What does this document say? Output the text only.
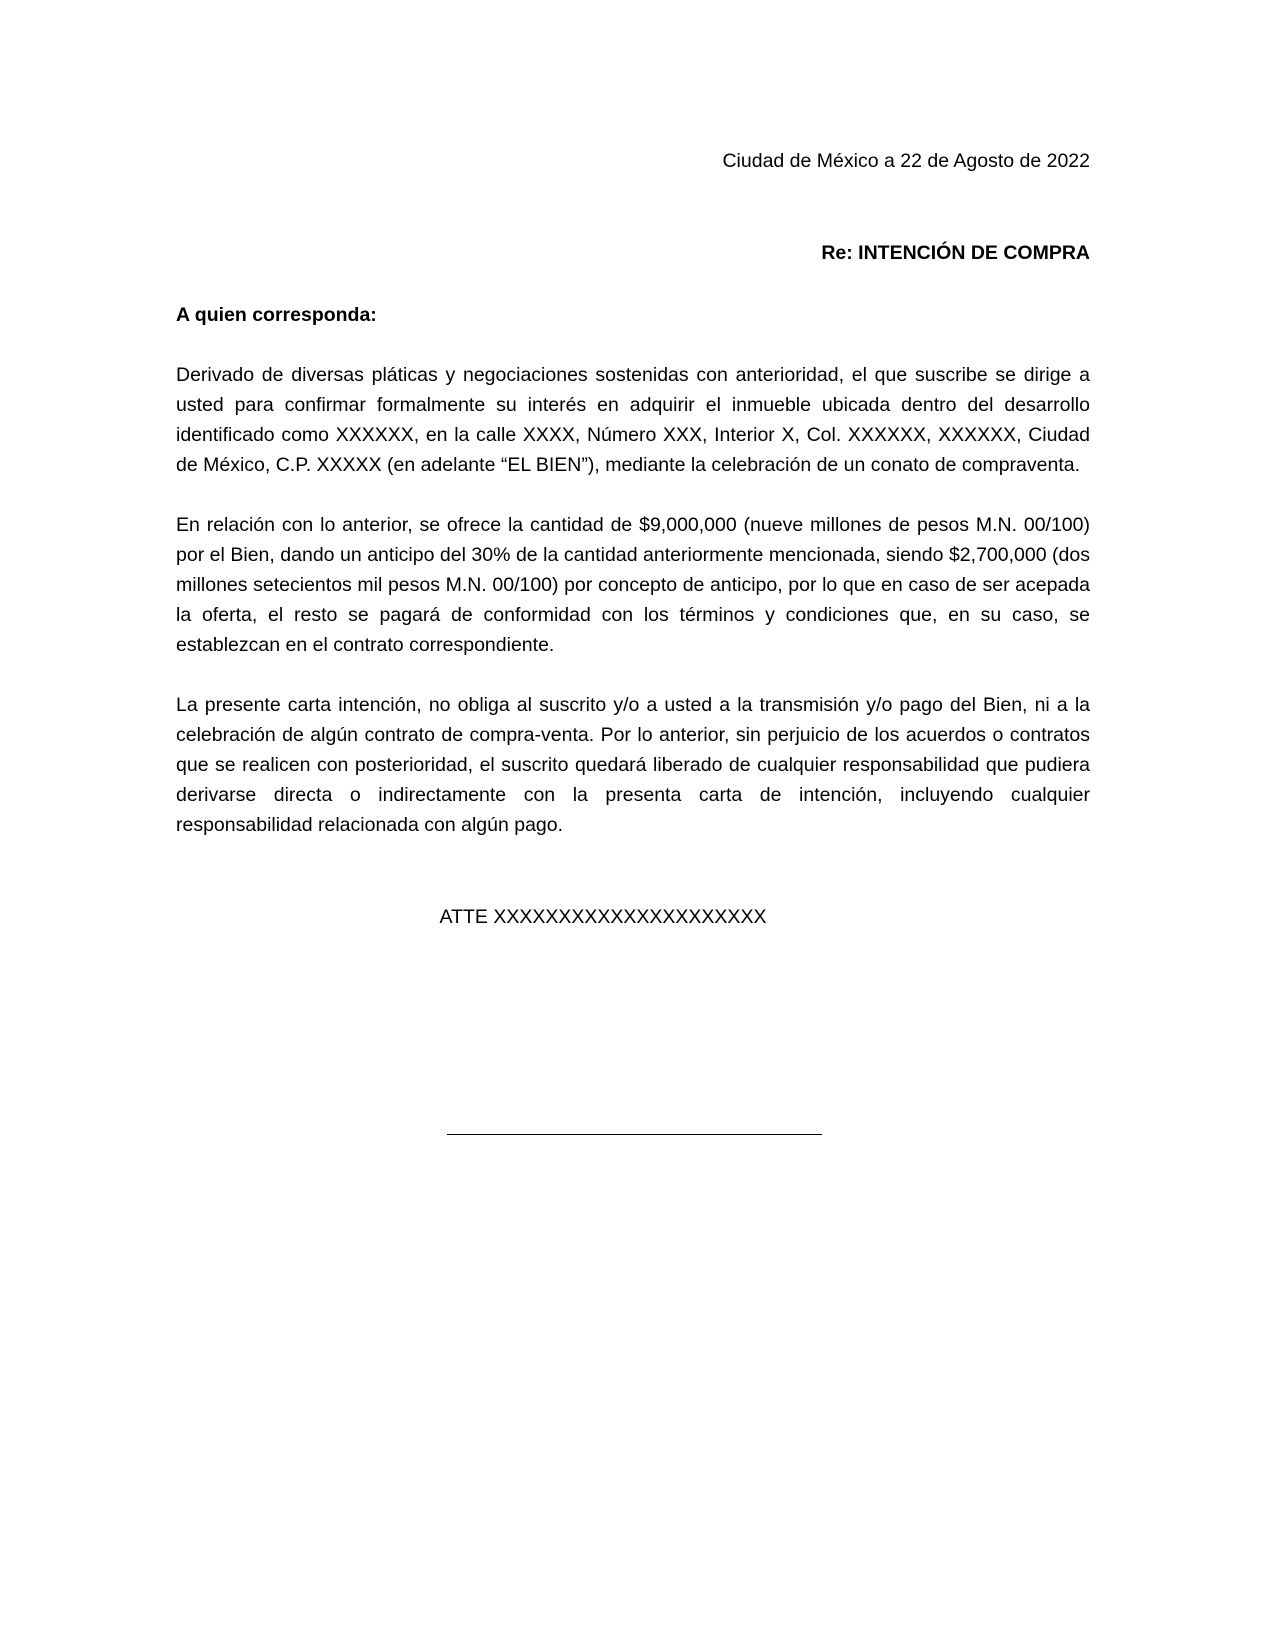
Ciudad de México a 22 de Agosto de 2022

Re: INTENCIÓN DE COMPRA

A quien corresponda:

Derivado de diversas pláticas y negociaciones sostenidas con anterioridad, el que suscribe se dirige a usted para confirmar formalmente su interés en adquirir el inmueble ubicada dentro del desarrollo identificado como XXXXXX, en la calle XXXX, Número XXX, Interior X, Col. XXXXXX, XXXXXX, Ciudad de México, C.P. XXXXX (en adelante “EL BIEN”), mediante la celebración de un conato de compraventa.

En relación con lo anterior, se ofrece la cantidad de $9,000,000 (nueve millones de pesos M.N. 00/100) por el Bien, dando un anticipo del 30% de la cantidad anteriormente mencionada, siendo $2,700,000 (dos millones setecientos mil pesos M.N. 00/100) por concepto de anticipo, por lo que en caso de ser acepada la oferta, el resto se pagará de conformidad con los términos y condiciones que, en su caso, se establezcan en el contrato correspondiente.

La presente carta intención, no obliga al suscrito y/o a usted a la transmisión y/o pago del Bien, ni a la celebración de algún contrato de compra-venta. Por lo anterior, sin perjuicio de los acuerdos o contratos que se realicen con posterioridad, el suscrito quedará liberado de cualquier responsabilidad que pudiera derivarse directa o indirectamente con la presenta carta de intención, incluyendo cualquier responsabilidad relacionada con algún pago.

ATTE XXXXXXXXXXXXXXXXXXXXX
